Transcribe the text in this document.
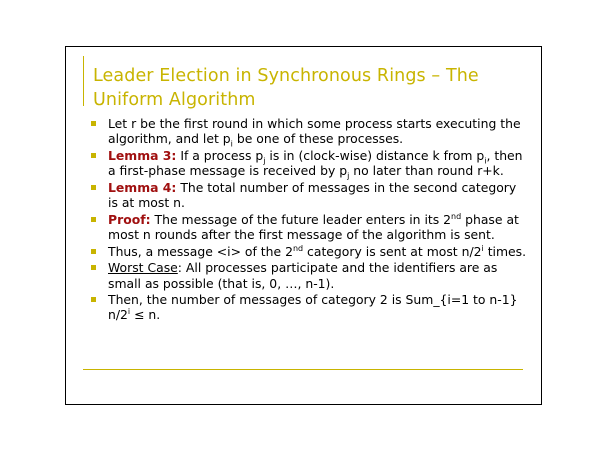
Leader Election in Synchronous Rings – The Uniform Algorithm
Let r be the first round in which some process starts executing the algorithm, and let $p_i$ be one of these processes.
Lemma 3: If a process $p_j$ is in (clock-wise) distance k from $p_i$, then a first-phase message is received by $p_j$ no later than round r+k.
Lemma 4: The total number of messages in the second category is at most n.
Proof: The message of the future leader enters in its 2nd phase at most n rounds after the first message of the algorithm is sent.
Thus, a message <i> of the 2nd category is sent at most n/2$^i$ times.
Worst Case: All processes participate and the identifiers are as small as possible (that is, 0, …, n-1).
Then, the number of messages of category 2 is Sum_{i=1 to n-1} $n/2^i \le n$.
